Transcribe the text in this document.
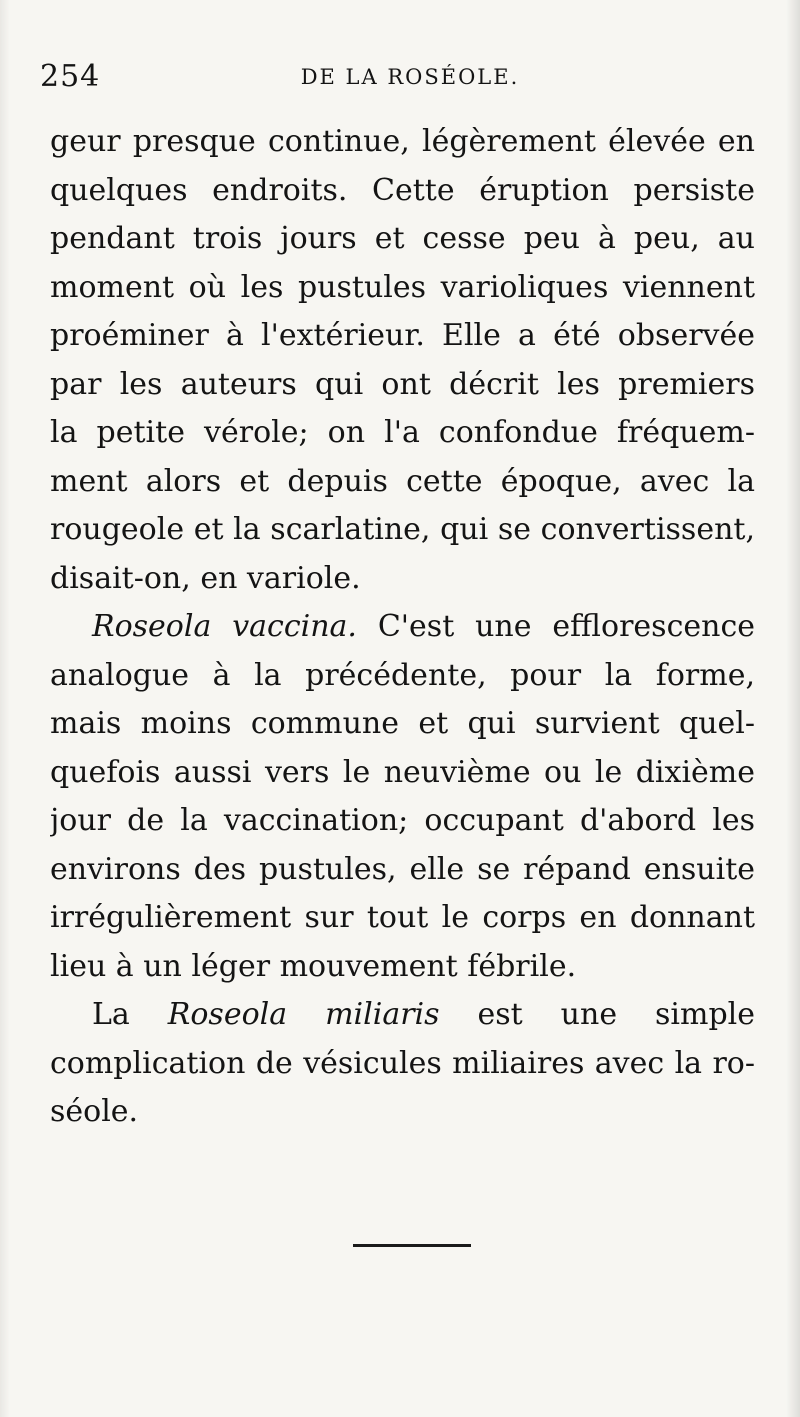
254	DE LA ROSÉOLE.
geur presque continue, légèrement élevée en
quelques endroits. Cette éruption persiste
pendant trois jours et cesse peu à peu, au
moment où les pustules varioliques viennent
proéminer à l'extérieur. Elle a été observée
par les auteurs qui ont décrit les premiers
la petite vérole; on l'a confondue fréquem-
ment alors et depuis cette époque, avec la
rougeole et la scarlatine, qui se convertissent,
disait-on, en variole.
Roseola vaccina. C'est une efflorescence
analogue à la précédente, pour la forme,
mais moins commune et qui survient quel-
quefois aussi vers le neuvième ou le dixième
jour de la vaccination; occupant d'abord les
environs des pustules, elle se répand ensuite
irrégulièrement sur tout le corps en donnant
lieu à un léger mouvement fébrile.
La Roseola miliaris est une simple
complication de vésicules miliaires avec la ro-
séole.
